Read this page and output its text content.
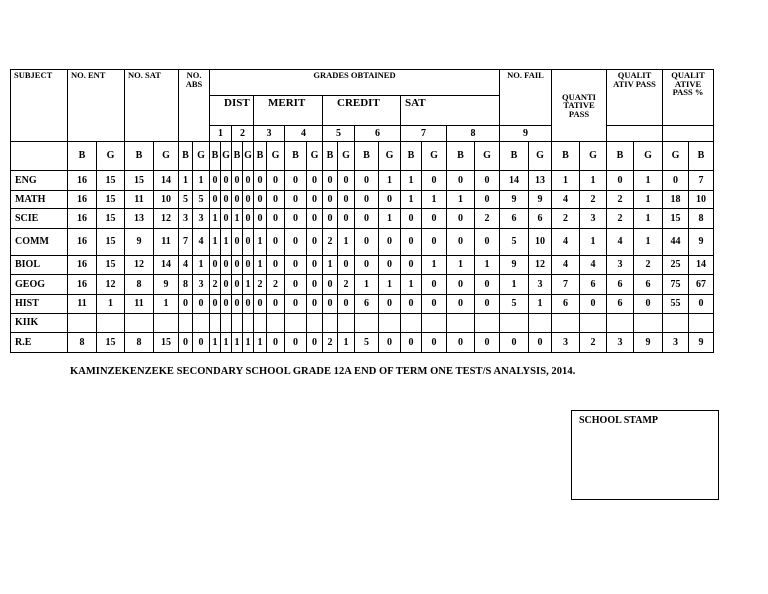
SUBJECT	NO. ENT		NO. SAT		NO. ABS		GRADES OBTAINED																NO. FAIL		QUANTI TATIVE PASS		QUALIT ATIV PASS		QUALIT ATIVE PASS %	
							DIST				MERIT				CREDIT				SAT											
							1		2		3		4		5		6		7		8		9							
	B	G	B	G	B	G	B	G	B	G	B	G	B	G	B	G	B	G	B	G	B	G	B	G	B	G	B	G	G	B
ENG	16	15	15	14	1	1	0	0	0	0	0	0	0	0	0	0	0	1	1	0	0	0	14	13	1	1	0	1	0	7
MATH	16	15	11	10	5	5	0	0	0	0	0	0	0	0	0	0	0	0	1	1	1	0	9	9	4	2	2	1	18	10
SCIE	16	15	13	12	3	3	1	0	1	0	0	0	0	0	0	0	0	1	0	0	0	2	6	6	2	3	2	1	15	8
COMM	16	15	9	11	7	4	1	1	0	0	1	0	0	0	2	1	0	0	0	0	0	0	5	10	4	1	4	1	44	9
BIOL	16	15	12	14	4	1	0	0	0	0	1	0	0	0	1	0	0	0	0	1	1	1	9	12	4	4	3	2	25	14
GEOG	16	12	8	9	8	3	2	0	0	1	2	2	0	0	0	2	1	1	1	0	0	0	1	3	7	6	6	6	75	67
HIST	11	1	11	1	0	0	0	0	0	0	0	0	0	0	0	0	6	0	0	0	0	0	5	1	6	0	6	0	55	0
KIIK																														
R.E	8	15	8	15	0	0	1	1	1	1	1	0	0	0	2	1	5	0	0	0	0	0	0	0	3	2	3	9	3	9
KAMINZEKENZEKE SECONDARY SCHOOL GRADE 12A END OF TERM ONE TEST/S ANALYSIS, 2014.
SCHOOL STAMP
